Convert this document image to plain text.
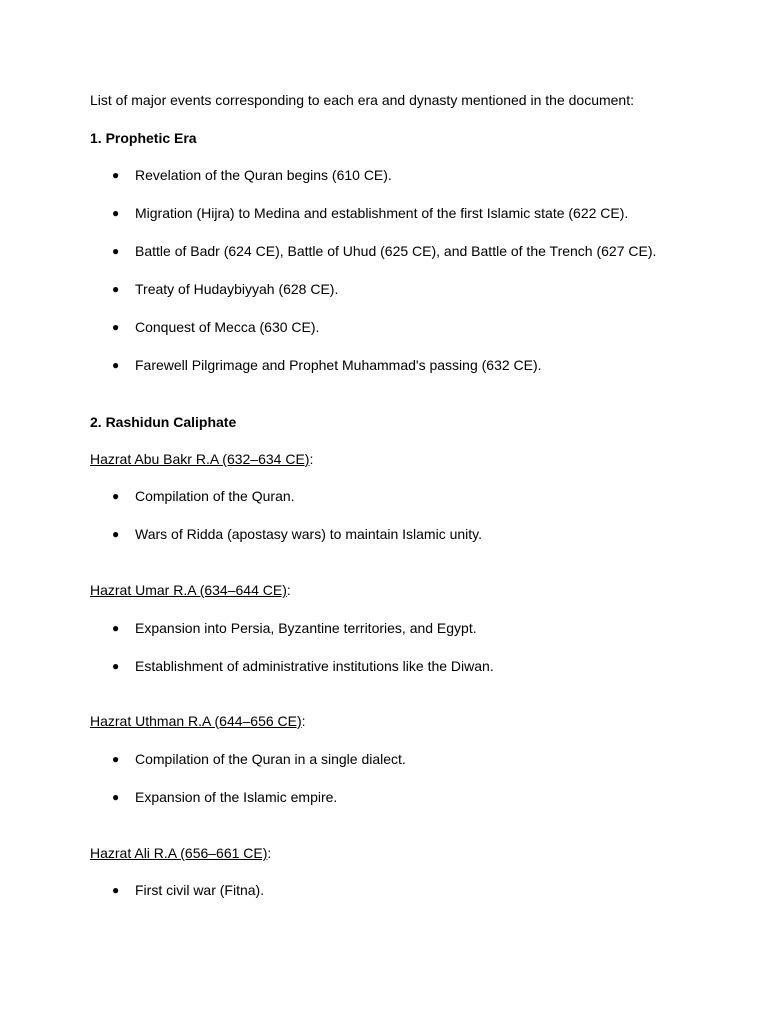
List of major events corresponding to each era and dynasty mentioned in the document:
1. Prophetic Era
● Revelation of the Quran begins (610 CE).
● Migration (Hijra) to Medina and establishment of the first Islamic state (622 CE).
● Battle of Badr (624 CE), Battle of Uhud (625 CE), and Battle of the Trench (627 CE).
● Treaty of Hudaybiyyah (628 CE).
● Conquest of Mecca (630 CE).
● Farewell Pilgrimage and Prophet Muhammad's passing (632 CE).
2. Rashidun Caliphate
Hazrat Abu Bakr R.A (632–634 CE):
● Compilation of the Quran.
● Wars of Ridda (apostasy wars) to maintain Islamic unity.
Hazrat Umar R.A (634–644 CE):
● Expansion into Persia, Byzantine territories, and Egypt.
● Establishment of administrative institutions like the Diwan.
Hazrat Uthman R.A (644–656 CE):
● Compilation of the Quran in a single dialect.
● Expansion of the Islamic empire.
Hazrat Ali R.A (656–661 CE):
● First civil war (Fitna).
